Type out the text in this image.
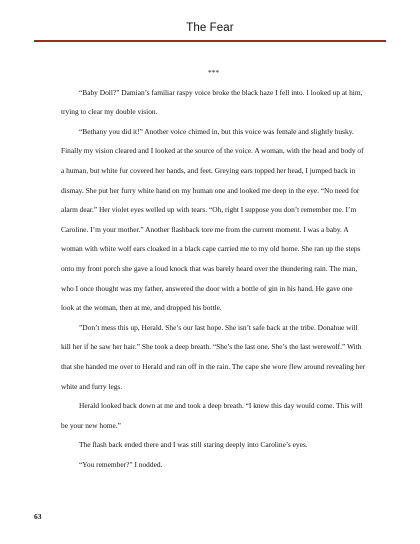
The Fear

***

“Baby Doll?” Damian’s familiar raspy voice broke the black haze I fell into. I looked up at him, trying to clear my double vision.

“Bethany you did it!” Another voice chimed in, but this voice was female and slightly husky. Finally my vision cleared and I looked at the source of the voice. A woman, with the head and body of a human, but white fur covered her hands, and feet. Greying ears topped her head, I jumped back in dismay. She put her furry white hand on my human one and looked me deep in the eye. “No need for alarm dear.” Her violet eyes welled up with tears. “Oh, right I suppose you don’t remember me. I’m Caroline. I’m your mother.” Another flashback tore me from the current moment. I was a baby. A woman with white wolf ears cloaked in a black cape carried me to my old home. She ran up the steps onto my front porch she gave a loud knock that was barely heard over the thundering rain. The man, who I once thought was my father, answered the door with a bottle of gin in his hand. He gave one look at the woman, then at me, and dropped his bottle.

”Don’t mess this up, Herald. She’s our last hope. She isn’t safe back at the tribe. Donahue will kill her if he saw her hair.” She took a deep breath. “She’s the last one. She’s the last werewolf.” With that she handed me over to Herald and ran off in the rain. The cape she wore flew around revealing her white and furry legs.

Herald looked back down at me and took a deep breath. “I knew this day would come. This will be your new home.”

The flash back ended there and I was still staring deeply into Caroline’s eyes.

“You remember?” I nodded.

63
